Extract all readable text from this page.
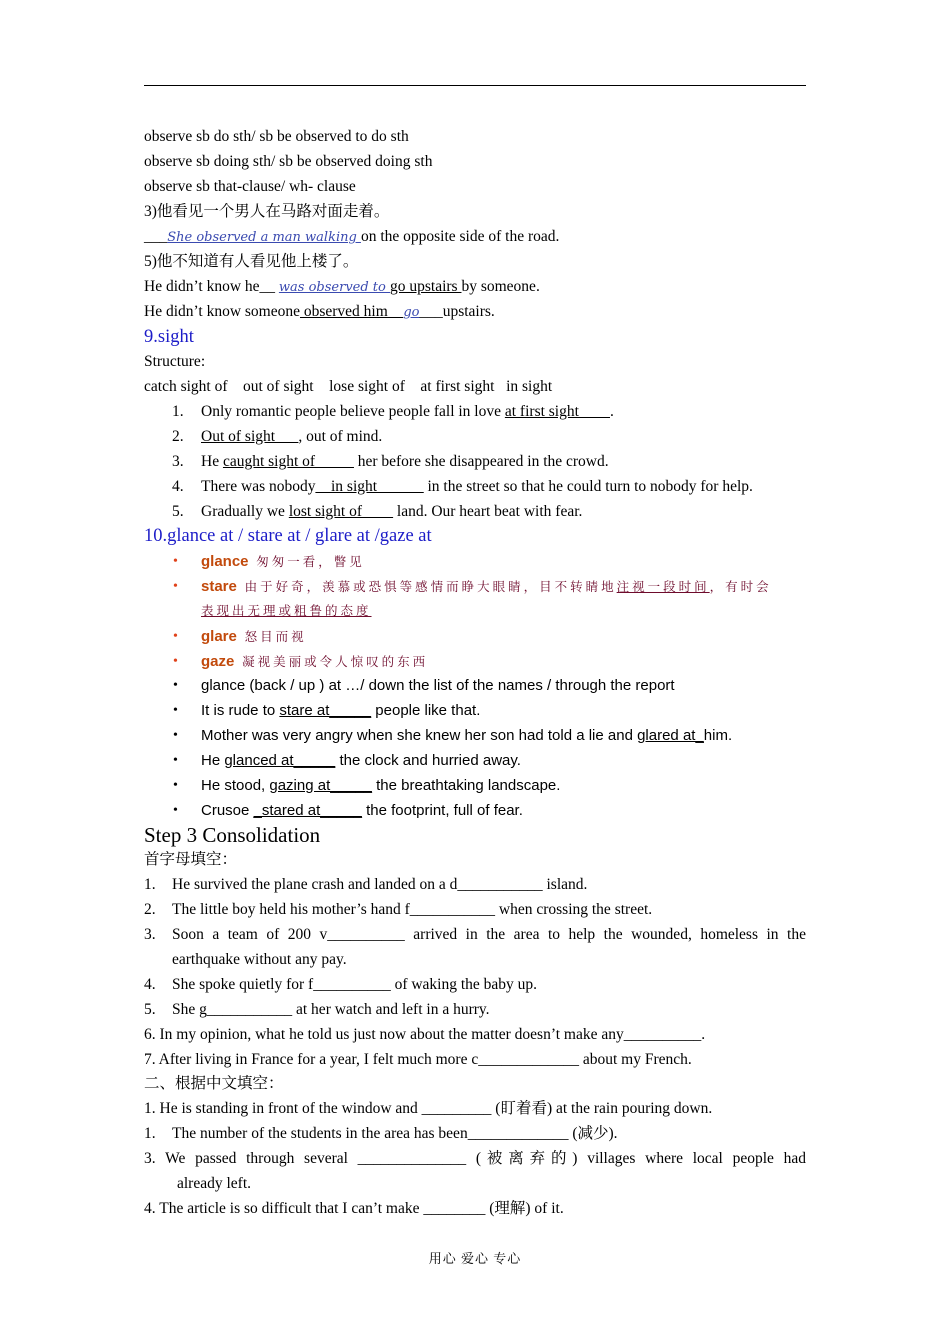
observe sb do sth/ sb be observed to do sth
observe sb doing sth/ sb be observed doing sth
observe sb that-clause/ wh- clause
3)他看见一个男人在马路对面走着。
___She observed a man walking on the opposite side of the road.
5)他不知道有人看见他上楼了。
He didn’t know he__ was observed to go upstairs by someone.
He didn’t know someone observed him _ go___upstairs.
9.sight
Structure:
catch sight of    out of sight    lose sight of    at first sight   in sight
1. Only romantic people believe people fall in love at first sight____.
2. Out of sight___, out of mind.
3. He caught sight of_____ her before she disappeared in the crowd.
4. There was nobody__in sight______ in the street so that he could turn to nobody for help.
5. Gradually we lost sight of____ land. Our heart beat with fear.
10.glance at / stare at / glare at /gaze at
• glance 匆匆一看，瞥见
• stare 由于好奇，羡慕或恐惧等感情而睁大眼睛，目不转睛地注视一段时间，有时会
表现出无理或粗鲁的态度
• glare 怒目而视
• gaze 凝视美丽或令人惊叹的东西
• glance (back / up ) at …/ down the list of the names / through the report
• It is rude to stare at_____ people like that.
• Mother was very angry when she knew her son had told a lie and glared at_him.
• He glanced at_____ the clock and hurried away.
• He stood, gazing at_____ the breathtaking landscape.
• Crusoe _stared at_____ the footprint, full of fear.
Step 3 Consolidation
首字母填空：
1. He survived the plane crash and landed on a d___________ island.
2. The little boy held his mother’s hand f___________ when crossing the street.
3. Soon a team of 200 v__________ arrived in the area to help the wounded, homeless in the
earthquake without any pay.
4. She spoke quietly for f__________ of waking the baby up.
5. She g___________ at her watch and left in a hurry.
6. In my opinion, what he told us just now about the matter doesn’t make any__________.
7. After living in France for a year, I felt much more c_____________ about my French.
二、根据中文填空：
1. He is standing in front of the window and _________ (盯着看) at the rain pouring down.
1. The number of the students in the area has been_____________ (减少).
3. We passed through several ______________ (被离弃的) villages where local people had
already left.
4. The article is so difficult that I can’t make ________ (理解) of it.
用心 爱心 专心
